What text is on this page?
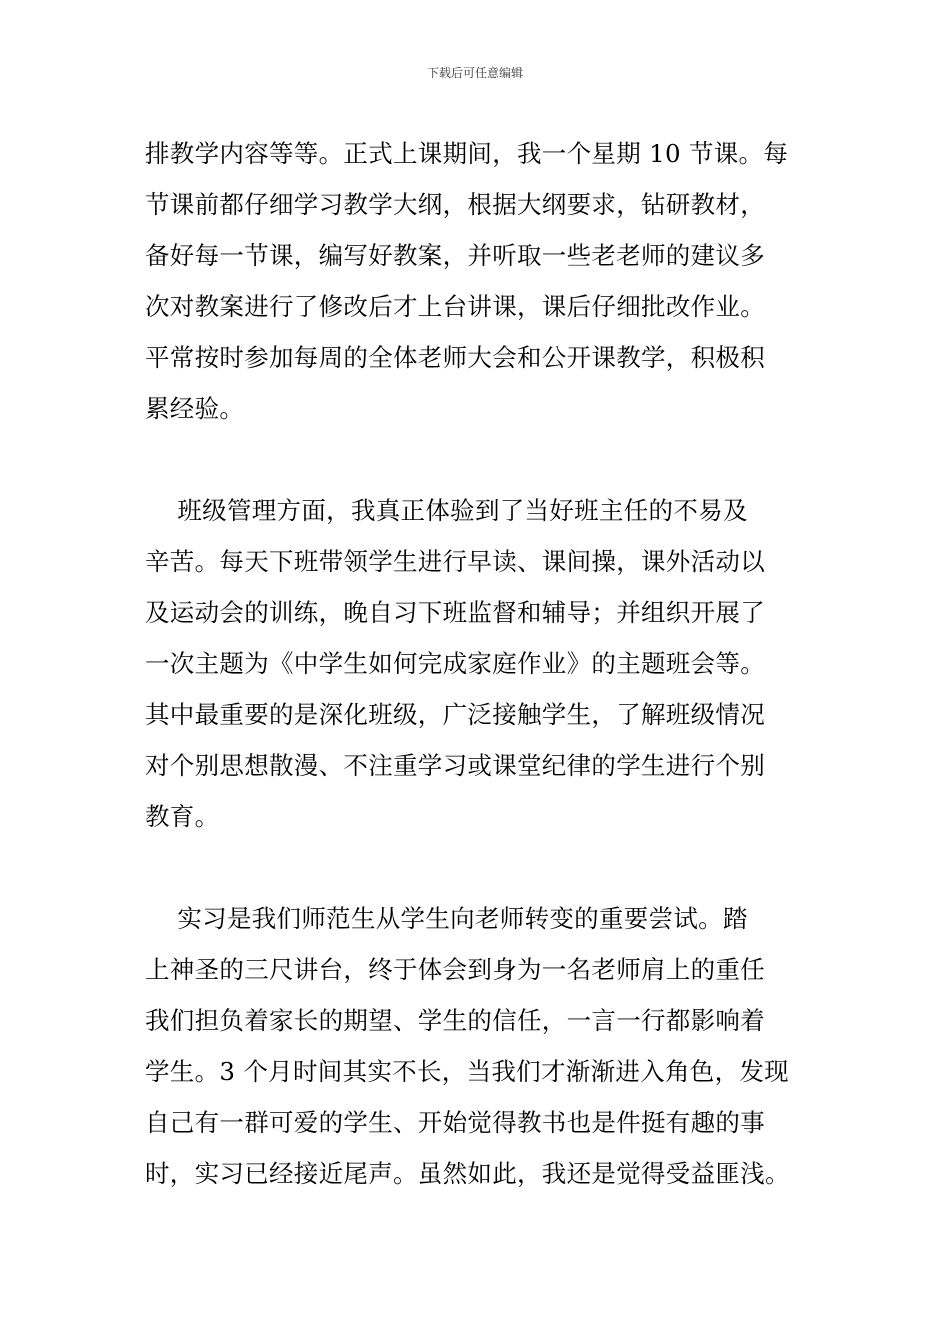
下载后可任意编辑
排教学内容等等。正式上课期间，我一个星期 10 节课。每
节课前都仔细学习教学大纲，根据大纲要求，钻研教材，
备好每一节课，编写好教案，并听取一些老老师的建议多
次对教案进行了修改后才上台讲课，课后仔细批改作业。
平常按时参加每周的全体老师大会和公开课教学，积极积
累经验。
班级管理方面，我真正体验到了当好班主任的不易及
辛苦。每天下班带领学生进行早读、课间操，课外活动以
及运动会的训练，晚自习下班监督和辅导；并组织开展了
一次主题为《中学生如何完成家庭作业》的主题班会等。
其中最重要的是深化班级，广泛接触学生，了解班级情况
对个别思想散漫、不注重学习或课堂纪律的学生进行个别
教育。
实习是我们师范生从学生向老师转变的重要尝试。踏
上神圣的三尺讲台，终于体会到身为一名老师肩上的重任
我们担负着家长的期望、学生的信任，一言一行都影响着
学生。3 个月时间其实不长，当我们才渐渐进入角色，发现
自己有一群可爱的学生、开始觉得教书也是件挺有趣的事
时，实习已经接近尾声。虽然如此，我还是觉得受益匪浅。
